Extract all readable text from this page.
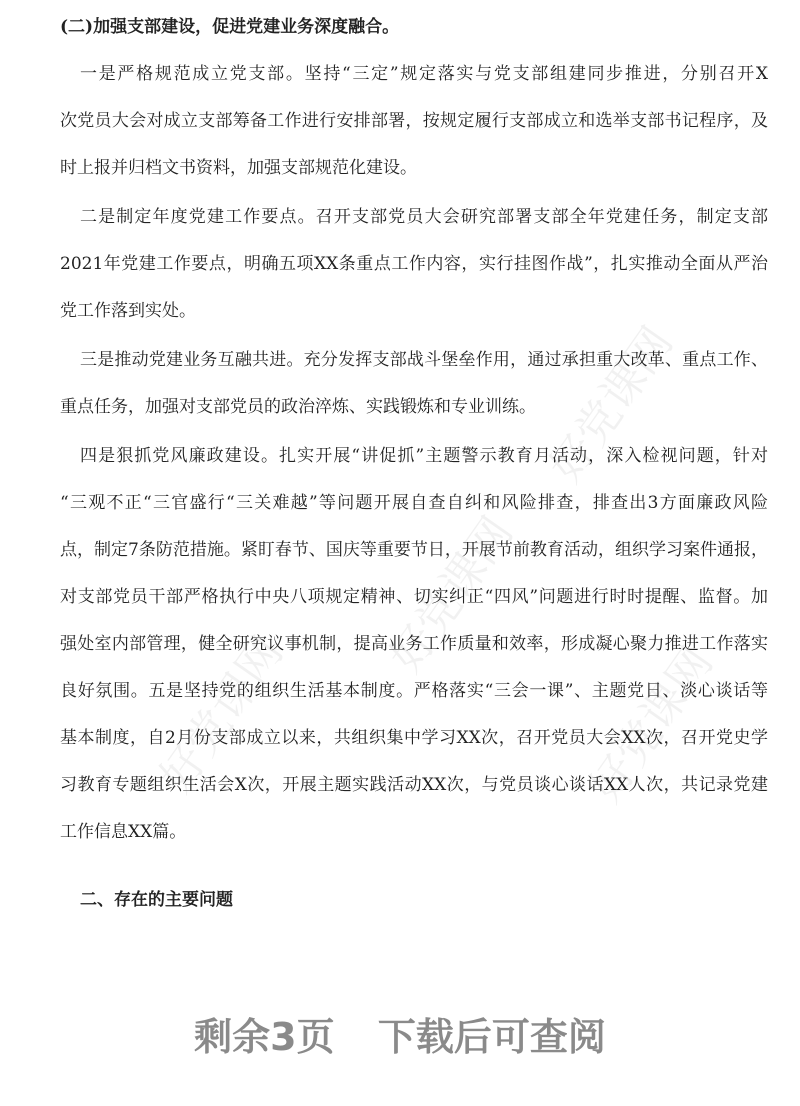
好党课网
好党课网
好党课网
好党课网
(二)加强支部建设，促进党建业务深度融合。
一是严格规范成立党支部。坚持“三定”规定落实与党支部组建同步推进，分别召开X
次党员大会对成立支部筹备工作进行安排部署，按规定履行支部成立和选举支部书记程序，及
时上报并归档文书资料，加强支部规范化建设。
二是制定年度党建工作要点。召开支部党员大会研究部署支部全年党建任务，制定支部
2021年党建工作要点，明确五项XX条重点工作内容，实行挂图作战”，扎实推动全面从严治
党工作落到实处。
三是推动党建业务互融共进。充分发挥支部战斗堡垒作用，通过承担重大改革、重点工作、
重点任务，加强对支部党员的政治淬炼、实践锻炼和专业训练。
四是狠抓党风廉政建设。扎实开展“讲促抓”主题警示教育月活动，深入检视问题，针对
“三观不正“三官盛行“三关难越”等问题开展自查自纠和风险排查，排查出3方面廉政风险
点，制定7条防范措施。紧盯春节、国庆等重要节日，开展节前教育活动，组织学习案件通报，
对支部党员干部严格执行中央八项规定精神、切实纠正“四风”问题进行时时提醒、监督。加
强处室内部管理，健全研究议事机制，提高业务工作质量和效率，形成凝心聚力推进工作落实
良好氛围。五是坚持党的组织生活基本制度。严格落实“三会一课”、主题党日、淡心谈话等
基本制度，自2月份支部成立以来，共组织集中学习XX次，召开党员大会XX次，召开党史学
习教育专题组织生活会X次，开展主题实践活动XX次，与党员谈心谈话XX人次，共记录党建
工作信息XX篇。
二、存在的主要问题
剩余3页 下载后可查阅
